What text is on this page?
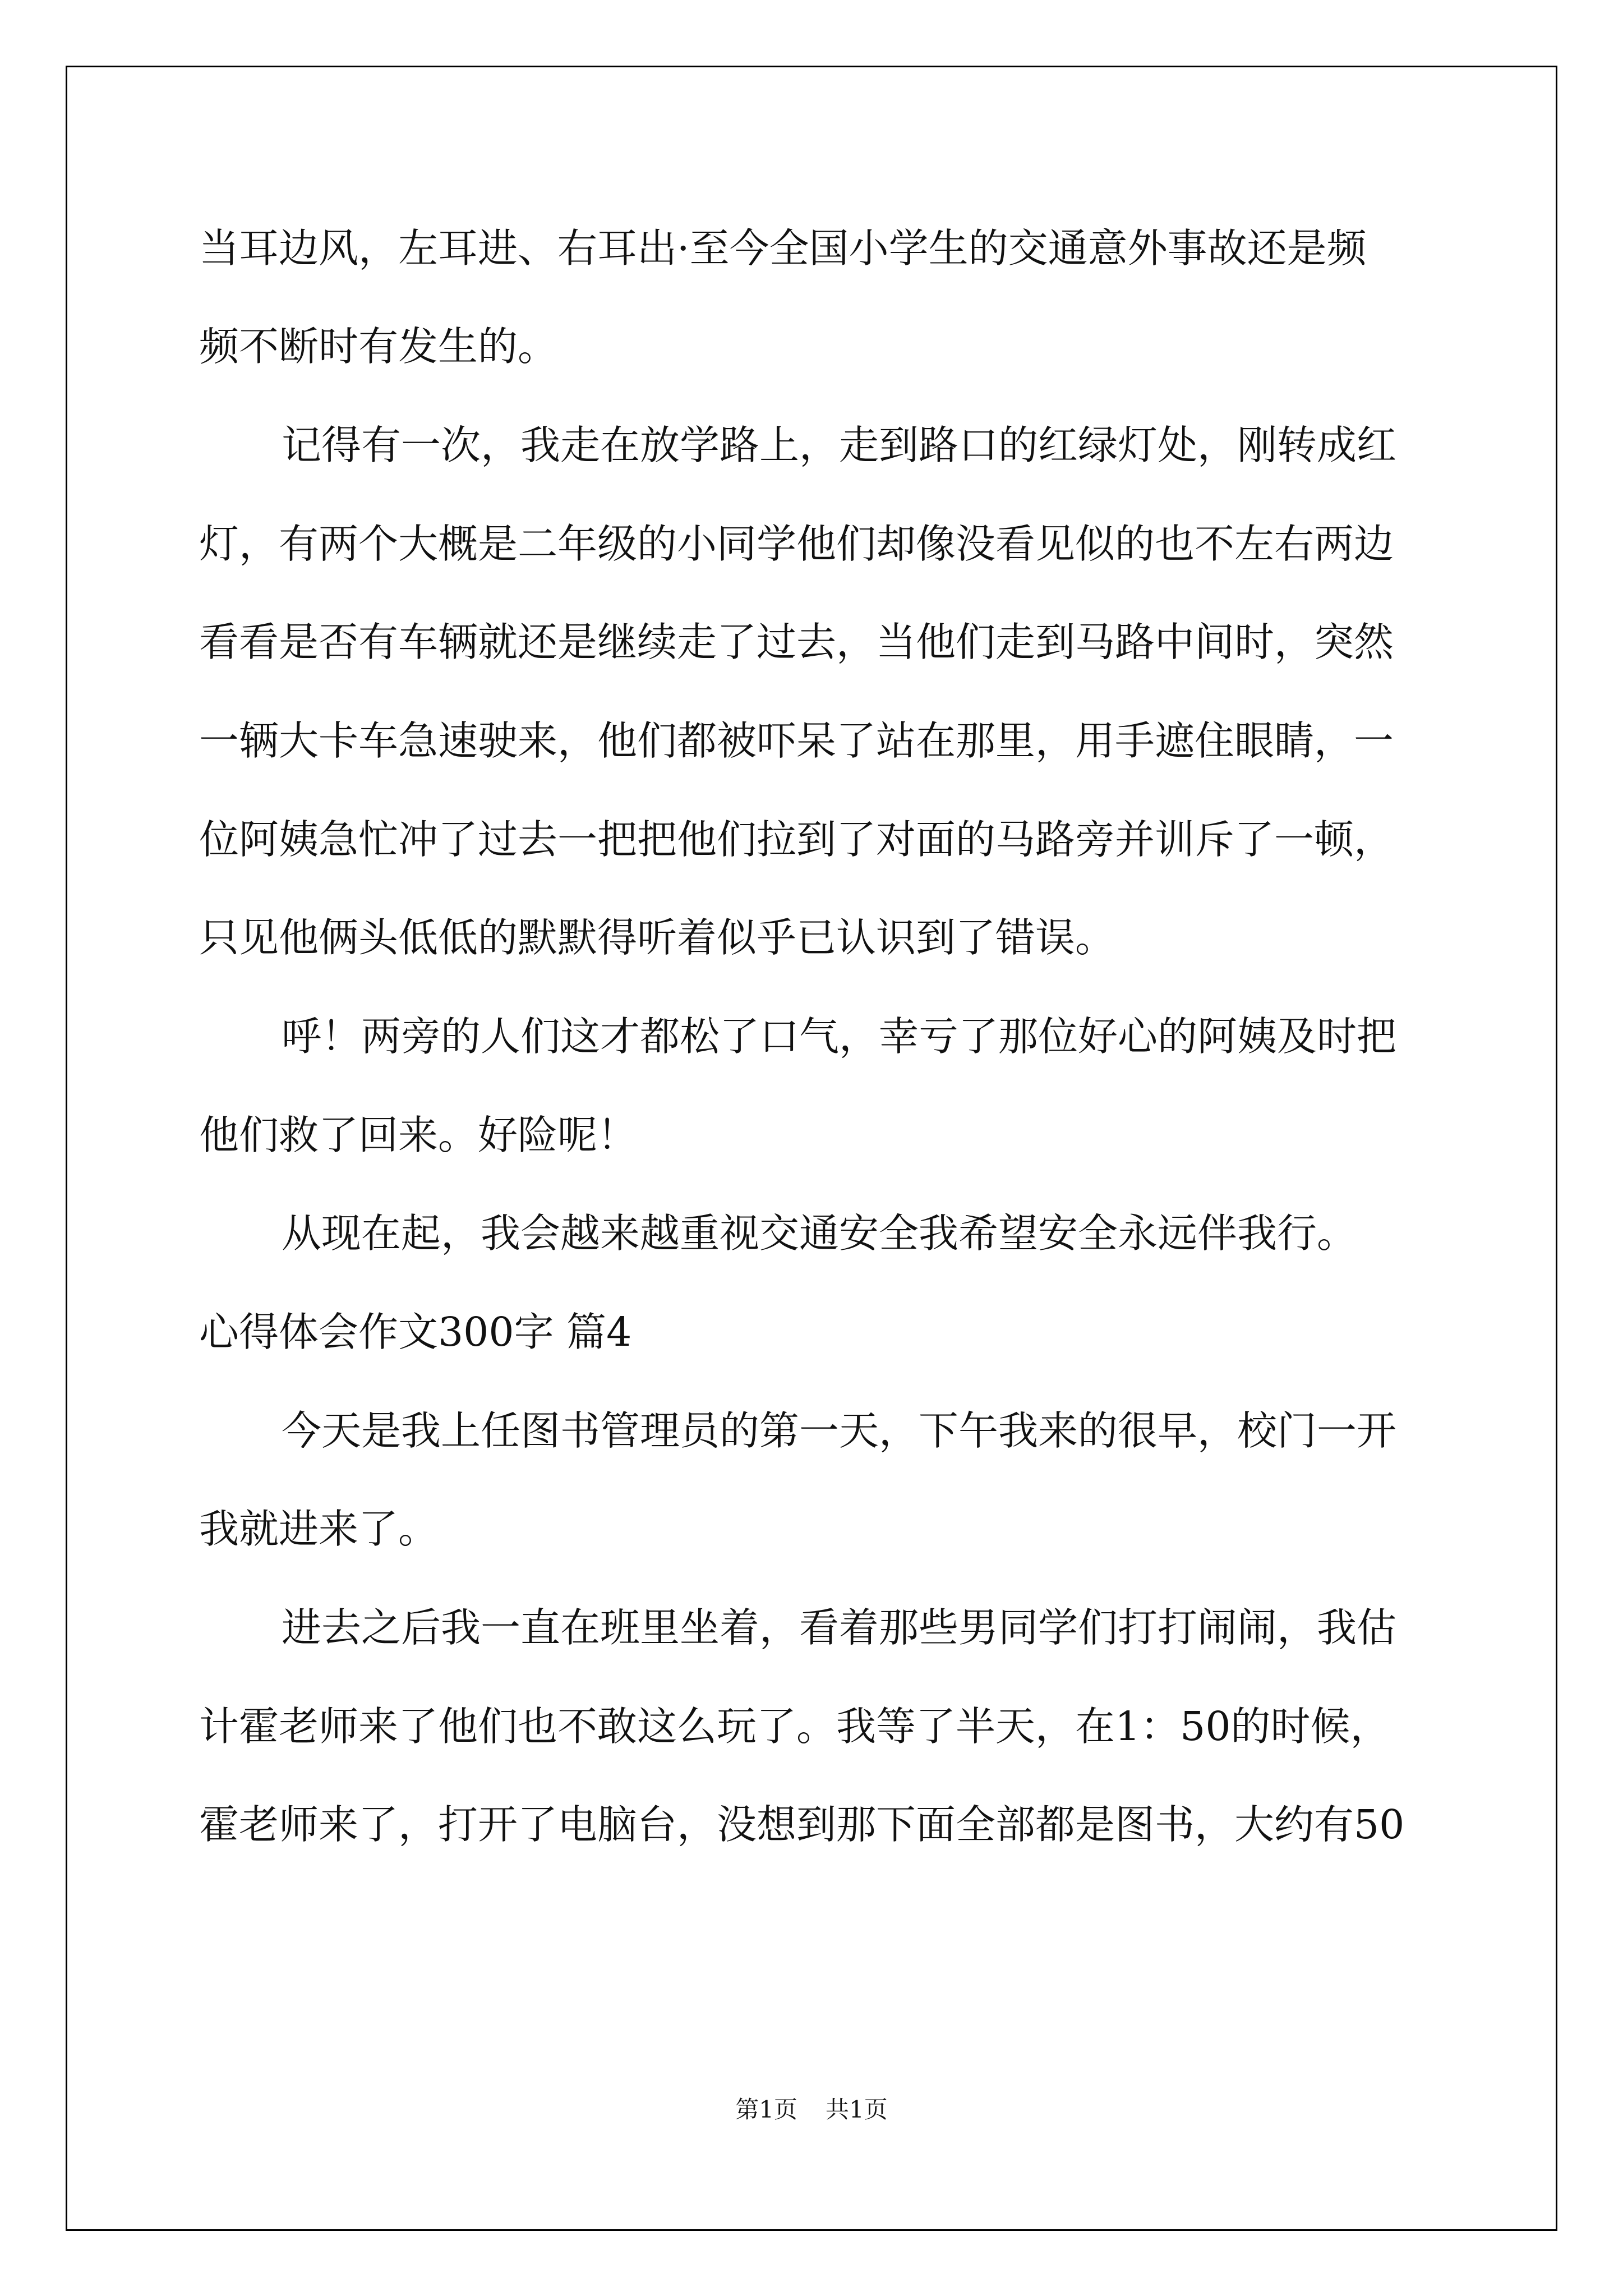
当耳边风，左耳进、右耳出·至今全国小学生的交通意外事故还是频

频不断时有发生的。

记得有一次，我走在放学路上，走到路口的红绿灯处，刚转成红

灯，有两个大概是二年级的小同学他们却像没看见似的也不左右两边

看看是否有车辆就还是继续走了过去，当他们走到马路中间时，突然

一辆大卡车急速驶来，他们都被吓呆了站在那里，用手遮住眼睛，一

位阿姨急忙冲了过去一把把他们拉到了对面的马路旁并训斥了一顿，

只见他俩头低低的默默得听着似乎已认识到了错误。

呼！两旁的人们这才都松了口气，幸亏了那位好心的阿姨及时把

他们救了回来。好险呢！

从现在起，我会越来越重视交通安全我希望安全永远伴我行。

心得体会作文300字 篇4

今天是我上任图书管理员的第一天，下午我来的很早，校门一开

我就进来了。

进去之后我一直在班里坐着，看着那些男同学们打打闹闹，我估

计霍老师来了他们也不敢这么玩了。我等了半天，在1：50的时候，

霍老师来了，打开了电脑台，没想到那下面全部都是图书，大约有50

第1页 共1页
